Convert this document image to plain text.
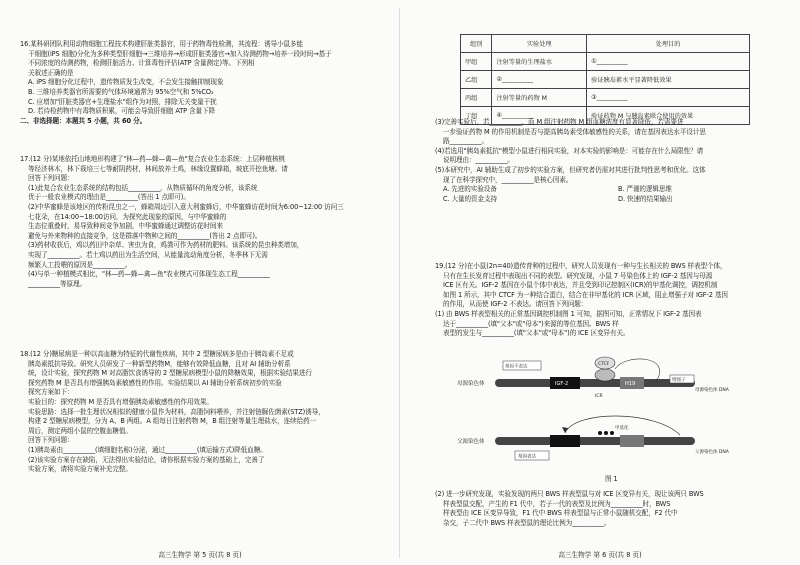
16.某科研团队利用动物细胞工程技术构建肝脏类器官，用于药物毒性检测，其流程：诱导小鼠多能

干细胞(iPS 细胞)分化为多种类型肝细胞→三维培养→形成肝脏类器官→加入待测药物→培养一段时间→基于

不同浓度的待测药物，检测肝脏活力、计算毒性评估(ATP 含量测定)等。下列相

关叙述正确的是

A. iPS 细胞分化过程中，遗传物质发生改变，不会发生接触抑制现象

B. 三维培养类器官所需要的气体环境通常为 95%空气和 5%CO₂

C. 应增加"肝脏类器官+生理盐水"组作为对照，排除无关变量干扰

D. 若待检药物中有毒物质积累，可能会导致肝细胞 ATP 含量下降

二、非选择题：本题共 5 小题，共 60 分。

17.(12 分)某地依托山地地形构建了"林—药—蜂—禽—鱼"复合农业生态系统：上层种植核桃

等经济林木，林下栽培三七等耐阴药材，林间放养土鸡，林缘设置蜂箱，坡底开挖鱼塘。请

回答下列问题：

(1)此复合农业生态系统的结构包括__________，从物质循环的角度分析，该系统

优于一般农业模式的理由是__________(答出 1 点即可)。

(2)中华蜜蜂是该地区的传粉昆虫之一，蜂箱周边引入意大利蜜蜂后，中华蜜蜂访花时间为6:00~12:00 访问三

七花朵，在14:00~18:00访问，为探究此现象的原因，与中华蜜蜂的

生态位重叠时，易导致种间竞争加剧，中华蜜蜂通过调整访花时间来

避免与外来物种的直接竞争，这是群落中物种之间的__________(答出 2 点即可)。

(3)药材收获后，鸡以药田中杂草、害虫为食，鸡粪可作为药材的肥料。该系统的昆虫种类增加，

实现了__________。若土鸡以药田为生活空间，从能量流动角度分析，冬季林下无需

频繁人工投喂的原因是__________。

(4)与单一种植模式相比，"林—药—蜂—禽—鱼"农业模式可体现生态工程__________

__________等原理。

18.(12 分)糖尿病是一种以高血糖为特征的代谢性疾病，其中 2 型糖尿病多是由于胰岛素不足或

胰岛素抵抗导致。研究人员研发了一种新型药物M，能够有效降低血糖，且对 AI 辅助分析系

统，设计实验，探究药物 M 对高脂饮食诱导的 2 型糖尿病模型小鼠的降糖效果，根据实验结果进行

探究药物 M 是否具有增强胰岛素敏感性的作用。实验结果以 AI 辅助分析系统初步的实验

探究方案如下：

实验目的：探究药物 M 是否具有增强胰岛素敏感性的作用效果。

实验思路：选择一批生理状况相似的健康小鼠作为材料，高脂饲料喂养，并注射链脲佐菌素(STZ)诱导，

构建 2 型糖尿病模型，分为 A、B 两组。A 组每日注射药物 M，B 组注射等量生理盐水，连续给药一

周后，测定两组小鼠的空腹血糖值。

回答下列问题：

(1)胰岛素由__________(填细胞名称)分泌，通过__________(填运输方式)降低血糖。

(2)该实验方案存在缺陷，无法得出实验结论，请你根据实验方案的基础上，完善了

实验方案，请将实验方案补充完整。

高三生物学 第 5 页(共 8 页)
组别	实验处理	处理目的
甲组	注射等量的生理盐水	①__________
乙组	②__________	验证胰岛素水平显著降低效果
丙组	注射等量的药物 M	③__________
丁组	④__________	验证药物 M 与胰岛素联合使用的效果

(3)完善实验后，若__________，而 M 组注射药物 M 组血糖浓度有显著降低，若需要进

一步验证药物 M 的作用机制是否与提高胰岛素受体敏感性的关系，请在基因表达水平设计思

路__________。

(4)若选用"胰岛素抵抗"模型小鼠进行相同实验，对本实验的影响是：可能存在什么局限性？请

说明理由：__________。

(5)本研究中，AI 辅助生成了初步的实验方案，但研究者仍需对其进行批判性思考和优化。这体

现了在科学探究中，__________是核心因素。

A. 先进的实验设备	B. 严谨的逻辑思维
C. 大量的资金支持	D. 快速的结果输出

19.(12 分)在小鼠(2n=40)遗传育种的过程中，研究人员发现有一种与生长相关的 BWS 样表型个体，

只有在生长发育过程中表现出不同的表型。研究发现，小鼠 7 号染色体上的 IGF-2 基因与母源

ICE 区有关。IGF-2 基因在小鼠个体中表达，并且受到印记控制区(ICR)的甲基化调控，调控机制

如图 1 所示，其中 CTCF 为一种结合蛋白，结合在非甲基化的 ICR 区域，阻止增强子对 IGF-2 基因

的作用，从而使 IGF-2 不表达。请回答下列问题：

(1) 由 BWS 样表型相关的正常基因调控机制图 1 可知，据图可知，正常情况下 IGF-2 基因表

达于__________(填"父本"或"母本")来源的等位基因。BWS 样

表型的发生与__________(填"父本"或"母本")的 ICE 区变异有关。

母源染色体	IGF-2	H19
CTCF
ICR
基因不表达
增强子
母源染色体 DNA
父源染色体
甲基化
基因表达
父源染色体 DNA
图 1

(2) 进一步研究发现，实验发现的两只 BWS 样表型鼠与对 ICE 区变异有关，现让该两只 BWS

样表型鼠交配，产生的 F1 代中，若子一代的表型及比例为__________时，BWS

样表型由 ICE 区变异导致，F1 代中 BWS 样表型鼠与正常小鼠随机交配，F2 代中

杂交，子二代中 BWS 样表型鼠的理论比例为__________。

高三生物学 第 6 页(共 8 页)
